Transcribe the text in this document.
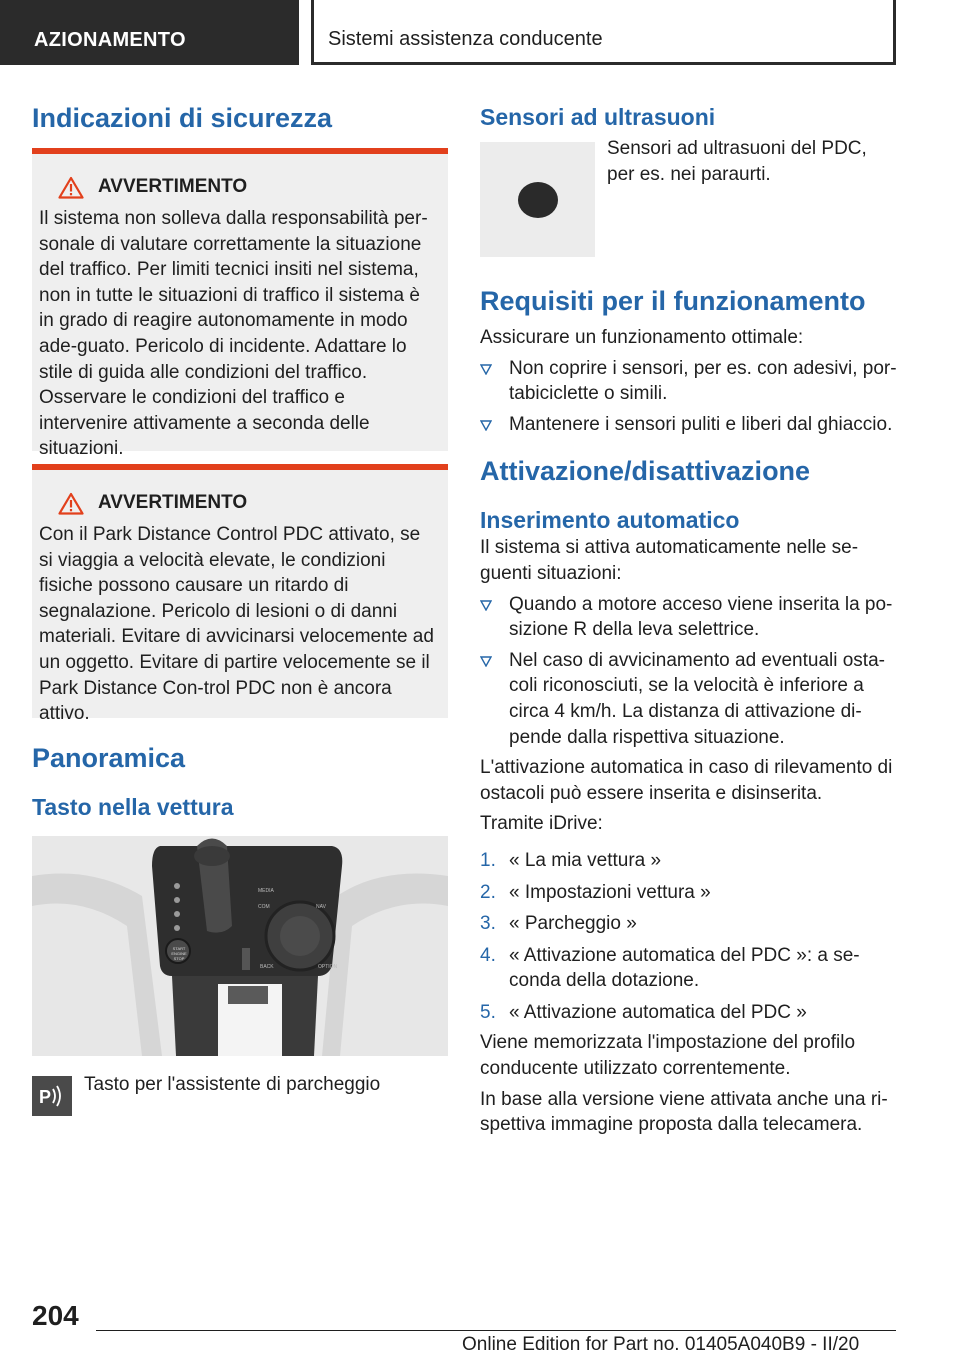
AZIONAMENTO	Sistemi assistenza conducente
Indicazioni di sicurezza
AVVERTIMENTO
Il sistema non solleva dalla responsabilità per-sonale di valutare correttamente la situazione del traffico. Per limiti tecnici insiti nel sistema, non in tutte le situazioni di traffico il sistema è in grado di reagire autonomamente in modo ade-guato. Pericolo di incidente. Adattare lo stile di guida alle condizioni del traffico. Osservare le condizioni del traffico e intervenire attivamente a seconda delle situazioni.
AVVERTIMENTO
Con il Park Distance Control PDC attivato, se si viaggia a velocità elevate, le condizioni fisiche possono causare un ritardo di segnalazione. Pericolo di lesioni o di danni materiali. Evitare di avvicinarsi velocemente ad un oggetto. Evitare di partire velocemente se il Park Distance Con-trol PDC non è ancora attivo.
Panoramica
Tasto nella vettura
MEDIA
COM	NAV
BACK	OPTION
START ENGINE STOP
P

Tasto per l'assistente di parcheggio

Sensori ad ultrasuoni

Sensori ad ultrasuoni del PDC, per es. nei paraurti.

Requisiti per il funzionamento

Assicurare un funzionamento ottimale:

Non coprire i sensori, per es. con adesivi, por-tabiciclette o simili.
Mantenere i sensori puliti e liberi dal ghiaccio.
Attivazione/disattivazione
Inserimento automatico

Il sistema si attiva automaticamente nelle se-guenti situazioni:

Quando a motore acceso viene inserita la po-sizione R della leva selettrice.
Nel caso di avvicinamento ad eventuali osta-coli riconosciuti, se la velocità è inferiore a circa 4 km/h. La distanza di attivazione di-pende dalla rispettiva situazione.

L'attivazione automatica in caso di rilevamento di ostacoli può essere inserita e disinserita.

Tramite iDrive:

1. « La mia vettura »
2. « Impostazioni vettura »
3. « Parcheggio »
4. « Attivazione automatica del PDC »: a se-conda della dotazione.
5. « Attivazione automatica del PDC »

Viene memorizzata l'impostazione del profilo conducente utilizzato correntemente.

In base alla versione viene attivata anche una ri-spettiva immagine proposta dalla telecamera.

204
Online Edition for Part no. 01405A040B9 - II/20
